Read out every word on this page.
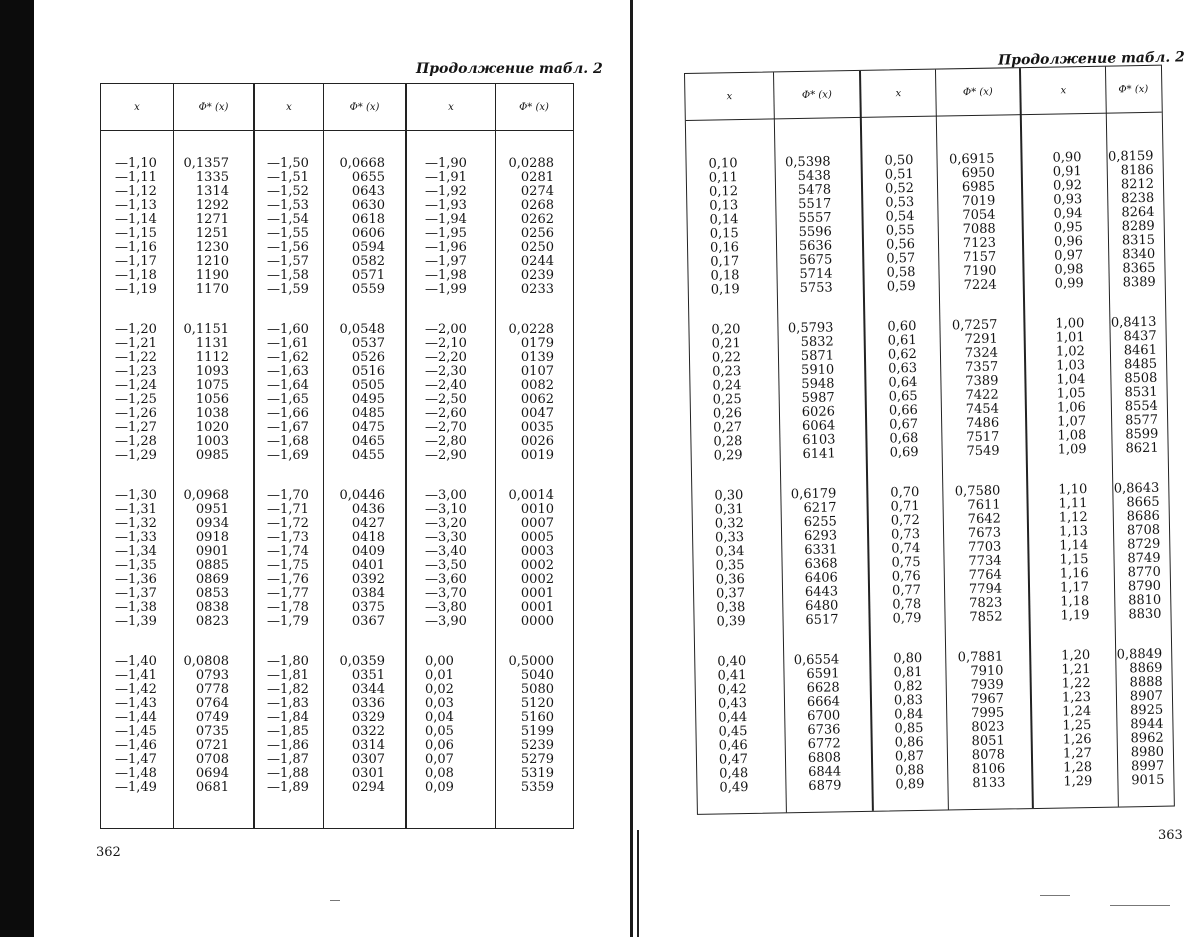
Продолжение табл. 2
x
—1,10
—1,11
—1,12
—1,13
—1,14
—1,15
—1,16
—1,17
—1,18
—1,19
—1,20
—1,21
—1,22
—1,23
—1,24
—1,25
—1,26
—1,27
—1,28
—1,29
—1,30
—1,31
—1,32
—1,33
—1,34
—1,35
—1,36
—1,37
—1,38
—1,39
—1,40
—1,41
—1,42
—1,43
—1,44
—1,45
—1,46
—1,47
—1,48
—1,49
Φ* (x)
0,1357
1335
1314
1292
1271
1251
1230
1210
1190
1170
0,1151
1131
1112
1093
1075
1056
1038
1020
1003
0985
0,0968
0951
0934
0918
0901
0885
0869
0853
0838
0823
0,0808
0793
0778
0764
0749
0735
0721
0708
0694
0681
x
—1,50
—1,51
—1,52
—1,53
—1,54
—1,55
—1,56
—1,57
—1,58
—1,59
—1,60
—1,61
—1,62
—1,63
—1,64
—1,65
—1,66
—1,67
—1,68
—1,69
—1,70
—1,71
—1,72
—1,73
—1,74
—1,75
—1,76
—1,77
—1,78
—1,79
—1,80
—1,81
—1,82
—1,83
—1,84
—1,85
—1,86
—1,87
—1,88
—1,89
Φ* (x)
0,0668
0655
0643
0630
0618
0606
0594
0582
0571
0559
0,0548
0537
0526
0516
0505
0495
0485
0475
0465
0455
0,0446
0436
0427
0418
0409
0401
0392
0384
0375
0367
0,0359
0351
0344
0336
0329
0322
0314
0307
0301
0294
x
—1,90
—1,91
—1,92
—1,93
—1,94
—1,95
—1,96
—1,97
—1,98
—1,99
—2,00
—2,10
—2,20
—2,30
—2,40
—2,50
—2,60
—2,70
—2,80
—2,90
—3,00
—3,10
—3,20
—3,30
—3,40
—3,50
—3,60
—3,70
—3,80
—3,90
0,00
0,01
0,02
0,03
0,04
0,05
0,06
0,07
0,08
0,09
Φ* (x)
0,0288
0281
0274
0268
0262
0256
0250
0244
0239
0233
0,0228
0179
0139
0107
0082
0062
0047
0035
0026
0019
0,0014
0010
0007
0005
0003
0002
0002
0001
0001
0000
0,5000
5040
5080
5120
5160
5199
5239
5279
5319
5359
362
Продолжение табл. 2
x
0,10
0,11
0,12
0,13
0,14
0,15
0,16
0,17
0,18
0,19
0,20
0,21
0,22
0,23
0,24
0,25
0,26
0,27
0,28
0,29
0,30
0,31
0,32
0,33
0,34
0,35
0,36
0,37
0,38
0,39
0,40
0,41
0,42
0,43
0,44
0,45
0,46
0,47
0,48
0,49
Φ* (x)
0,5398
5438
5478
5517
5557
5596
5636
5675
5714
5753
0,5793
5832
5871
5910
5948
5987
6026
6064
6103
6141
0,6179
6217
6255
6293
6331
6368
6406
6443
6480
6517
0,6554
6591
6628
6664
6700
6736
6772
6808
6844
6879
x
0,50
0,51
0,52
0,53
0,54
0,55
0,56
0,57
0,58
0,59
0,60
0,61
0,62
0,63
0,64
0,65
0,66
0,67
0,68
0,69
0,70
0,71
0,72
0,73
0,74
0,75
0,76
0,77
0,78
0,79
0,80
0,81
0,82
0,83
0,84
0,85
0,86
0,87
0,88
0,89
Φ* (x)
0,6915
6950
6985
7019
7054
7088
7123
7157
7190
7224
0,7257
7291
7324
7357
7389
7422
7454
7486
7517
7549
0,7580
7611
7642
7673
7703
7734
7764
7794
7823
7852
0,7881
7910
7939
7967
7995
8023
8051
8078
8106
8133
x
0,90
0,91
0,92
0,93
0,94
0,95
0,96
0,97
0,98
0,99
1,00
1,01
1,02
1,03
1,04
1,05
1,06
1,07
1,08
1,09
1,10
1,11
1,12
1,13
1,14
1,15
1,16
1,17
1,18
1,19
1,20
1,21
1,22
1,23
1,24
1,25
1,26
1,27
1,28
1,29
Φ* (x)
0,8159
8186
8212
8238
8264
8289
8315
8340
8365
8389
0,8413
8437
8461
8485
8508
8531
8554
8577
8599
8621
0,8643
8665
8686
8708
8729
8749
8770
8790
8810
8830
0,8849
8869
8888
8907
8925
8944
8962
8980
8997
9015
363
